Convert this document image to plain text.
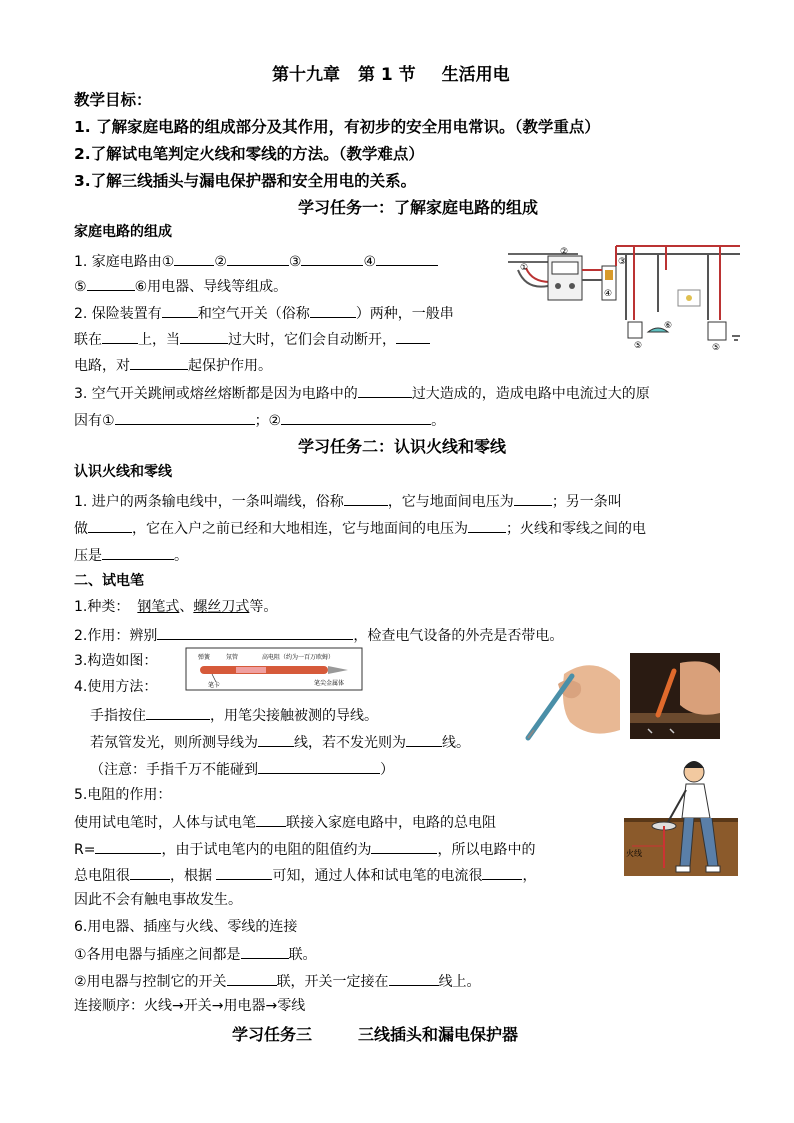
第十九章 第 1 节 生活用电
教学目标：
1. 了解家庭电路的组成部分及其作用，有初步的安全用电常识。（教学重点）
2.了解试电笔判定火线和零线的方法。（教学难点）
3.了解三线插头与漏电保护器和安全用电的关系。
学习任务一：了解家庭电路的组成
家庭电路的组成
1. 家庭电路由①	②	③	④
⑤	⑥用电器、导线等组成。
2. 保险装置有	和空气开关（俗称	）两种，一般串
联在	上，当	过大时，它们会自动断开，
电路，对	起保护作用。
3. 空气开关跳闸或熔丝熔断都是因为电路中的	过大造成的，造成电路中电流过大的原
因有①	；②	。
①
②
③
④
⑤
⑥
⑤
学习任务二：认识火线和零线
认识火线和零线
1. 进户的两条输电线中，一条叫端线，俗称	，它与地面间电压为	；另一条叫
做	，它在入户之前已经和大地相连，它与地面间的电压为	；火线和零线之间的电
压是	。
二、试电笔
1.种类： 钢笔式、螺丝刀式等。
2.作用：辨别	，检查电气设备的外壳是否带电。
3.构造如图：
4.使用方法：
弹簧	氖管	高电阻（约为一百万欧姆）
笔卡	笔尖金属体
手指按住	，用笔尖接触被测的导线。
若氖管发光，则所测导线为	线，若不发光则为	线。
（注意：手指千万不能碰到	）
火线
5.电阻的作用：
使用试电笔时，人体与试电笔 联接入家庭电路中，电路的总电阻
R=	，由于试电笔内的电阻的阻值约为	，所以电路中的
总电阻很	，根据	可知，通过人体和试电笔的电流很	，
因此不会有触电事故发生。
6.用电器、插座与火线、零线的连接
①各用电器与插座之间都是	联。
②用电器与控制它的开关	联，开关一定接在	线上。
连接顺序：火线→开关→用电器→零线
学习任务三	三线插头和漏电保护器
